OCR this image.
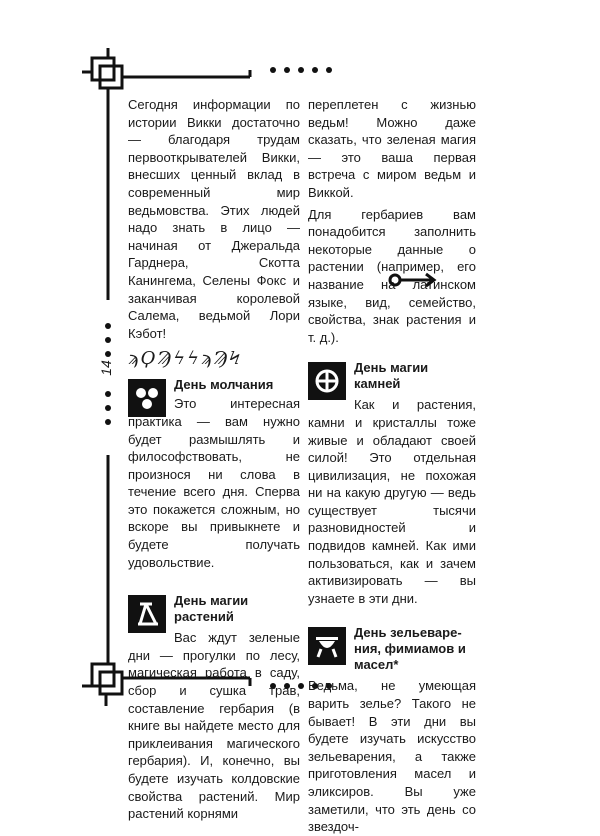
14

Сегодня информации по истории Викки достаточно — благодаря трудам первооткрывателей Викки, внесших ценный вклад в современный мир ведьмовства. Этих людей надо знать в лицо — начиная от Джеральда Гарднера, Скотта Канингема, Селены Фокс и заканчивая королевой Салема, ведьмой Лори Кэбот!

ϡϘϠϟϟϡϠϞ
День молчания

Это интересная практика — вам нужно будет размышлять и философствовать, не произнося ни слова в течение всего дня. Сперва это покажется сложным, но вскоре вы привыкнете и будете получать удовольствие.

День магии
растений

Вас ждут зеленые дни — прогулки по лесу, магическая работа в саду, сбор и сушка трав, составление гербария (в книге вы найдете место для приклеивания магического гербария). И, конечно, вы будете изучать колдовские свойства растений. Мир растений корнями

переплетен с жизнью ведьм! Можно даже сказать, что зеленая магия — это ваша первая встреча с миром ведьм и Виккой.

Для гербариев вам понадобится заполнить некоторые данные о растении (например, его название на латинском языке, вид, семейство, свойства, знак растения и т. д.).

День магии
камней

Как и растения, камни и кристаллы тоже живые и обладают своей силой! Это отдельная цивилизация, не похожая ни на какую другую — ведь существует тысячи разновидностей и подвидов камней. Как ими пользоваться, как и зачем активизировать — вы узнаете в эти дни.

День зельеваре-
ния, фимиамов и
масел*

Ведьма, не умеющая варить зелье? Такого не бывает! В эти дни вы будете изучать искусство зельеварения, а также приготовления масел и эликсиров. Вы уже заметили, что эть день со звездоч-
